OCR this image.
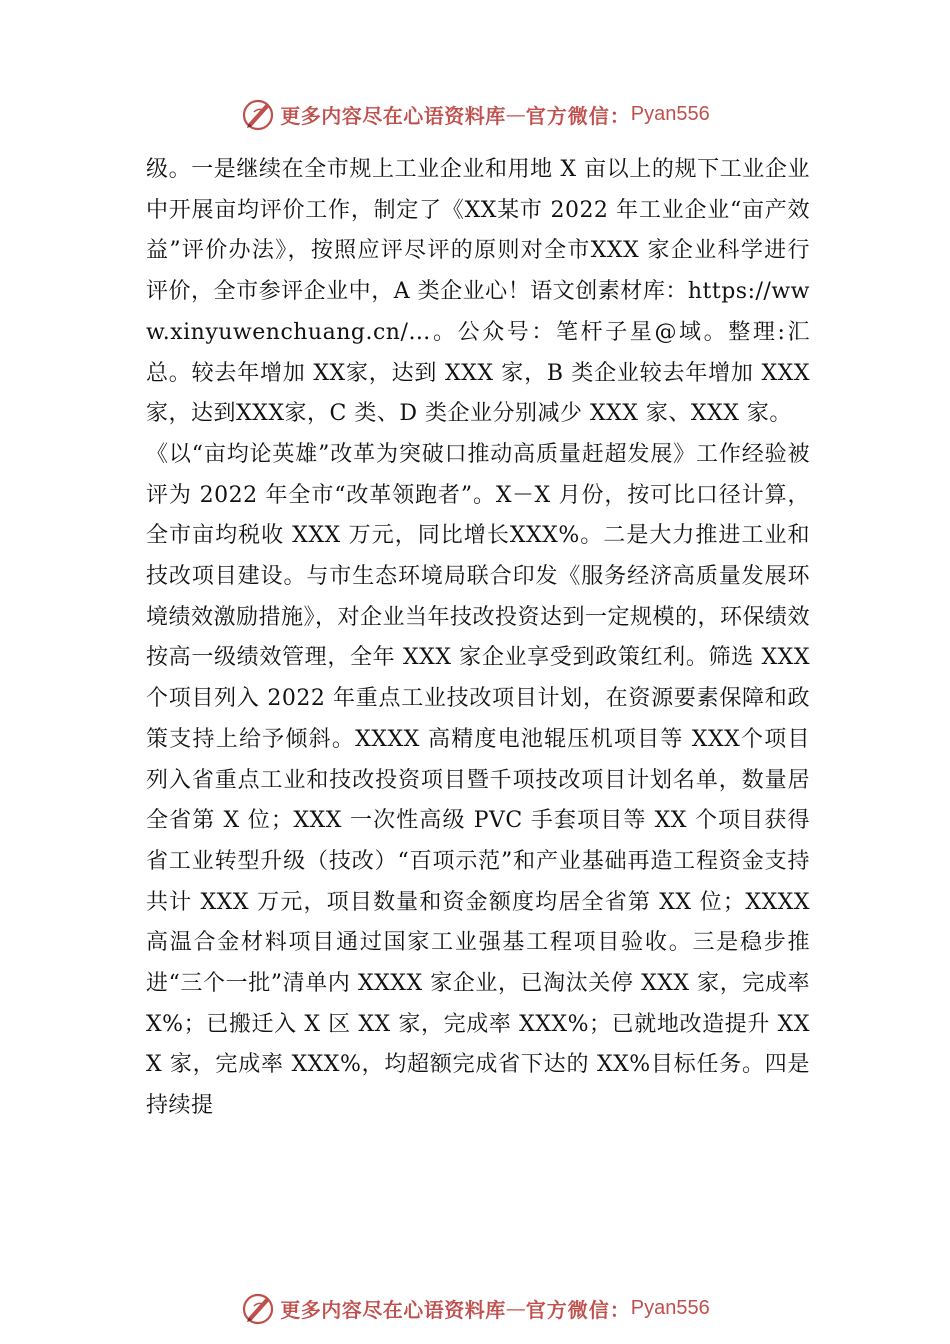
更多内容尽在心语资料库 — 官方微信： Pyan556

级。一是继续在全市规上工业企业和用地 X 亩以上的规下工业企业中开展亩均评价工作，制定了《XX某市 2022 年工业企业“亩产效益”评价办法》，按照应评尽评的原则对全市XXX 家企业科学进行评价，全市参评企业中，A 类企业心！语文创素材库：https://www.xinyuwenchuang.cn/…。公众号：笔杆子星@域。整理:汇总。较去年增加 XX家，达到 XXX 家，B 类企业较去年增加 XXX 家，达到XXX家，C 类、D 类企业分别减少 XXX 家、XXX 家。

《以“亩均论英雄”改革为突破口推动高质量赶超发展》工作经验被评为 2022 年全市“改革领跑者”。X－X 月份，按可比口径计算，全市亩均税收 XXX 万元，同比增长XXX%。二是大力推进工业和技改项目建设。与市生态环境局联合印发《服务经济高质量发展环境绩效激励措施》，对企业当年技改投资达到一定规模的，环保绩效按高一级绩效管理，全年 XXX 家企业享受到政策红利。筛选 XXX 个项目列入 2022 年重点工业技改项目计划，在资源要素保障和政策支持上给予倾斜。XXXX 高精度电池辊压机项目等 XXX个项目列入省重点工业和技改投资项目暨千项技改项目计划名单，数量居全省第 X 位；XXX 一次性高级 PVC 手套项目等 XX 个项目获得省工业转型升级（技改）“百项示范”和产业基础再造工程资金支持共计 XXX 万元，项目数量和资金额度均居全省第 XX 位；XXXX 高温合金材料项目通过国家工业强基工程项目验收。三是稳步推进“三个一批”清单内 XXXX 家企业，已淘汰关停 XXX 家，完成率 X%；已搬迁入 X 区 XX 家，完成率 XXX%；已就地改造提升 XXX 家，完成率 XXX%，均超额完成省下达的 XX%目标任务。四是持续提

更多内容尽在心语资料库 — 官方微信： Pyan556
